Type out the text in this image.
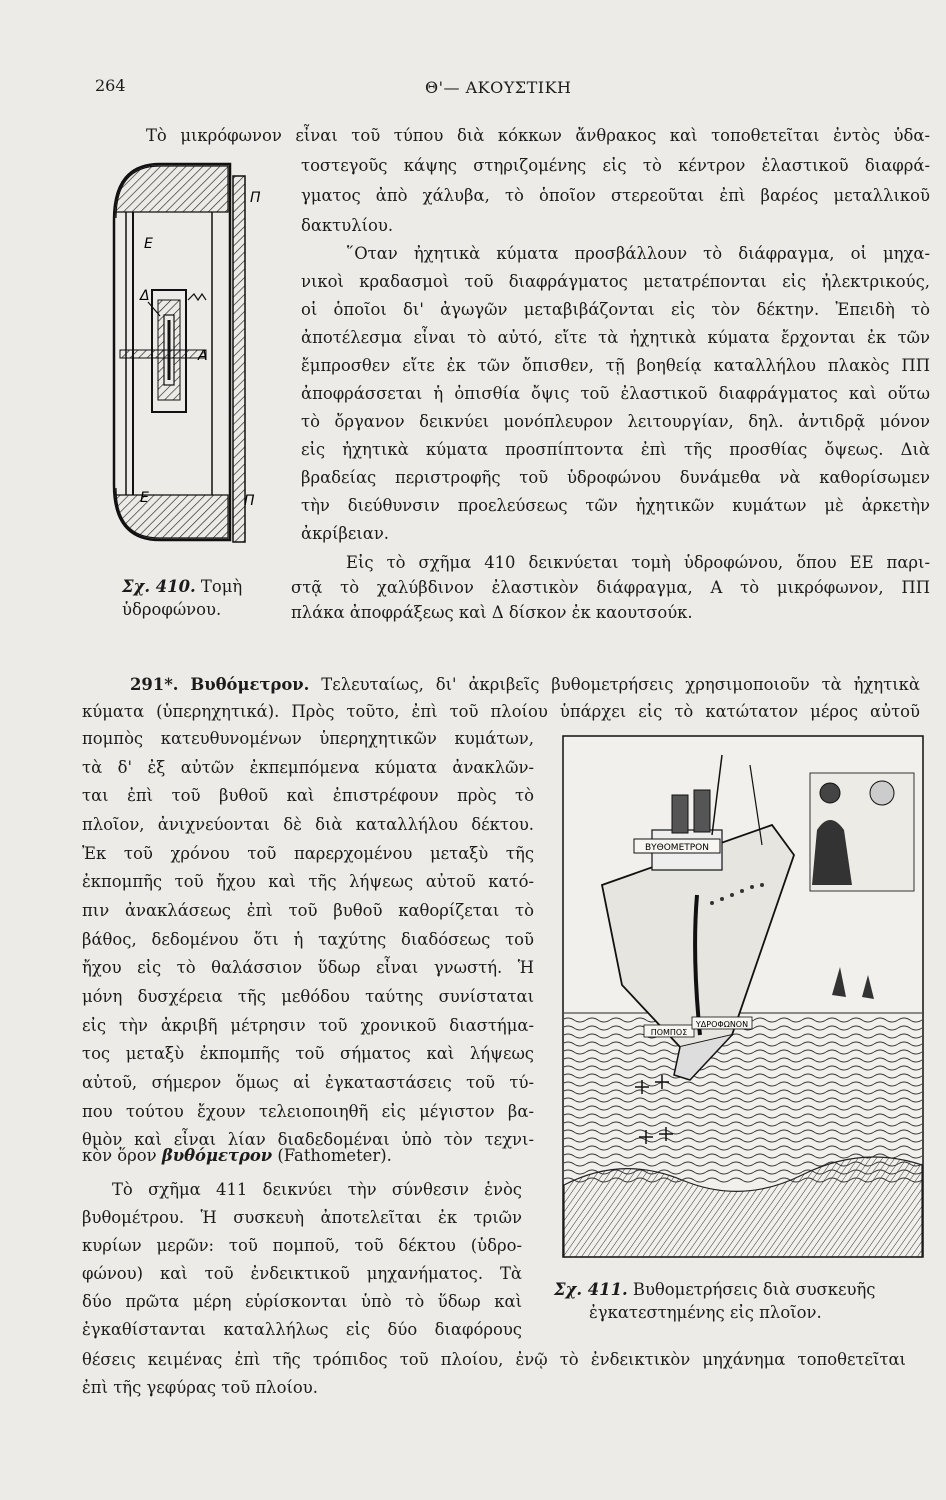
264	Θ'— ΑΚΟΥΣΤΙΚΗ
Τὸ μικρόφωνον εἶναι τοῦ τύπου διὰ κόκκων ἄνθρακος καὶ τοποθετεῖται ἐντὸς ὑδα-
τοστεγοῦς κάψης στηριζομένης εἰς τὸ κέντρον ἐλαστικοῦ διαφρά-
γματος ἀπὸ χάλυβα, τὸ ὁποῖον στερεοῦται ἐπὶ βαρέος μεταλλικοῦ
δακτυλίου.
῞Οταν ἠχητικὰ κύματα προσβάλλουν τὸ διάφραγμα, οἱ μηχα-
νικοὶ κραδασμοὶ τοῦ διαφράγματος μετατρέπονται εἰς ἠλεκτρικούς,
οἱ ὁποῖοι δι' ἀγωγῶν μεταβιβάζονται εἰς τὸν δέκτην. Ἐπειδὴ τὸ
ἀποτέλεσμα εἶναι τὸ αὐτό, εἴτε τὰ ἠχητικὰ κύματα ἔρχονται ἐκ τῶν
ἔμπροσθεν εἴτε ἐκ τῶν ὄπισθεν, τῇ βοηθείᾳ καταλλήλου πλακὸς ΠΠ
ἀποφράσσεται ἡ ὀπισθία ὄψις τοῦ ἐλαστικοῦ διαφράγματος καὶ οὕτω
τὸ ὄργανον δεικνύει μονόπλευρον λειτουργίαν, δηλ. ἀντιδρᾷ μόνον
εἰς ἠχητικὰ κύματα προσπίπτοντα ἐπὶ τῆς προσθίας ὄψεως. Διὰ
βραδείας περιστροφῆς τοῦ ὑδροφώνου δυνάμεθα νὰ καθορίσωμεν
τὴν διεύθυνσιν προελεύσεως τῶν ἠχητικῶν κυμάτων μὲ ἀρκετὴν
ἀκρίβειαν.
Εἰς τὸ σχῆμα 410 δεικνύεται τομὴ ὑδροφώνου, ὅπου ΕΕ παρι-
στᾷ τὸ χαλύβδινον ἐλαστικὸν διάφραγμα, Α τὸ μικρόφωνον, ΠΠ
πλάκα ἀποφράξεως καὶ Δ δίσκον ἐκ καουτσούκ.
E
Π
Δ
A
E	Π
Σχ. 410. Τομὴ
ὑδροφώνου.
291*. Βυθόμετρον. Τελευταίως, δι' ἀκριβεῖς βυθομετρήσεις χρησιμοποιοῦν τὰ ἠχητικὰ
κύματα (ὑπερηχητικά). Πρὸς τοῦτο, ἐπὶ τοῦ πλοίου ὑπάρχει εἰς τὸ κατώτατον μέρος αὐτοῦ
πομπὸς κατευθυνομένων ὑπερηχητικῶν κυμάτων,
τὰ δ' ἐξ αὐτῶν ἐκπεμπόμενα κύματα ἀνακλῶν-
ται ἐπὶ τοῦ βυθοῦ καὶ ἐπιστρέφουν πρὸς τὸ
πλοῖον, ἀνιχνεύονται δὲ διὰ καταλλήλου δέκτου.
Ἐκ τοῦ χρόνου τοῦ παρερχομένου μεταξὺ τῆς
ἐκπομπῆς τοῦ ἤχου καὶ τῆς λήψεως αὐτοῦ κατό-
πιν ἀνακλάσεως ἐπὶ τοῦ βυθοῦ καθορίζεται τὸ
βάθος, δεδομένου ὅτι ἡ ταχύτης διαδόσεως τοῦ
ἤχου εἰς τὸ θαλάσσιον ὕδωρ εἶναι γνωστή. Ἡ
μόνη δυσχέρεια τῆς μεθόδου ταύτης συνίσταται
εἰς τὴν ἀκριβῆ μέτρησιν τοῦ χρονικοῦ διαστήμα-
τος μεταξὺ ἐκπομπῆς τοῦ σήματος καὶ λήψεως
αὐτοῦ, σήμερον ὅμως αἱ ἐγκαταστάσεις τοῦ τύ-
που τούτου ἔχουν τελειοποιηθῆ εἰς μέγιστον βα-
θμὸν καὶ εἶναι λίαν διαδεδομέναι ὑπὸ τὸν τεχνι-
κὸν ὅρον βυθόμετρον (Fathometer).
Τὸ σχῆμα 411 δεικνύει τὴν σύνθεσιν ἑνὸς
βυθομέτρου. Ἡ συσκευὴ ἀποτελεῖται ἐκ τριῶν
κυρίων μερῶν: τοῦ πομποῦ, τοῦ δέκτου (ὑδρο-
φώνου) καὶ τοῦ ἐνδεικτικοῦ μηχανήματος. Τὰ
δύο πρῶτα μέρη εὑρίσκονται ὑπὸ τὸ ὕδωρ καὶ
ἐγκαθίστανται καταλλήλως εἰς δύο διαφόρους
θέσεις κειμένας ἐπὶ τῆς τρόπιδος τοῦ πλοίου, ἐνῷ τὸ ἐνδεικτικὸν μηχάνημα τοποθετεῖται
ἐπὶ τῆς γεφύρας τοῦ πλοίου.
ΒΥΘΟΜΕΤΡΟΝ
ΠΟΜΠΟΣ
ΥΔΡΟΦΩΝΟΝ
Σχ. 411. Βυθομετρήσεις διὰ συσκευῆς
ἐγκατεστημένης εἰς πλοῖον.
